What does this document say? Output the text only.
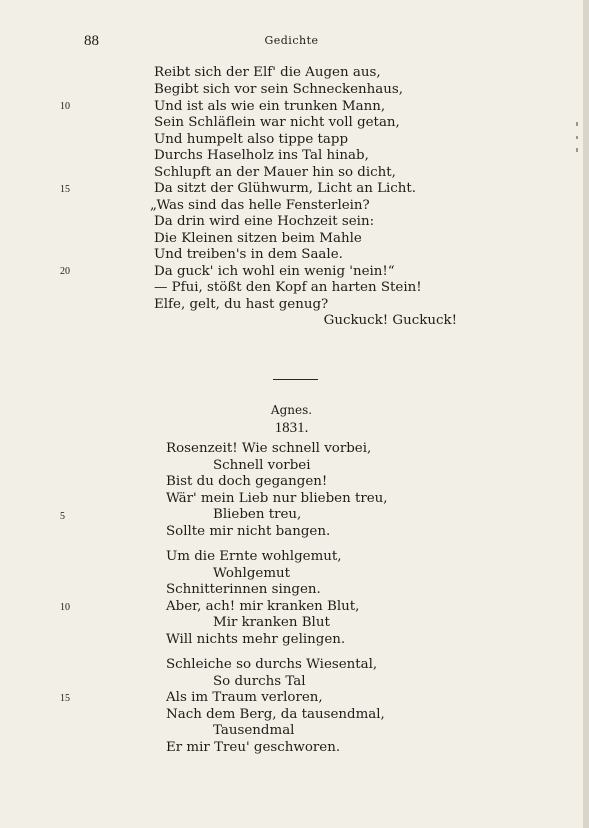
88	Gedichte
Reibt sich der Elf' die Augen aus,
Begibt sich vor sein Schneckenhaus,
Und ist als wie ein trunken Mann,
Sein Schläflein war nicht voll getan,
Und humpelt also tippe tapp
Durchs Haselholz ins Tal hinab,
Schlupft an der Mauer hin so dicht,
Da sitzt der Glühwurm, Licht an Licht.
„Was sind das helle Fensterlein?
Da drin wird eine Hochzeit sein:
Die Kleinen sitzen beim Mahle
Und treiben's in dem Saale.
Da guck' ich wohl ein wenig 'nein!“
— Pfui, stößt den Kopf an harten Stein!
Elfe, gelt, du hast genug?
Guckuck! Guckuck!
10
15
20
Agnes.
1831.
Rosenzeit! Wie schnell vorbei,
Schnell vorbei
Bist du doch gegangen!
Wär' mein Lieb nur blieben treu,
Blieben treu,
Sollte mir nicht bangen.
Um die Ernte wohlgemut,
Wohlgemut
Schnitterinnen singen.
Aber, ach! mir kranken Blut,
Mir kranken Blut
Will nichts mehr gelingen.
Schleiche so durchs Wiesental,
So durchs Tal
Als im Traum verloren,
Nach dem Berg, da tausendmal,
Tausendmal
Er mir Treu' geschworen.
5
10
15
